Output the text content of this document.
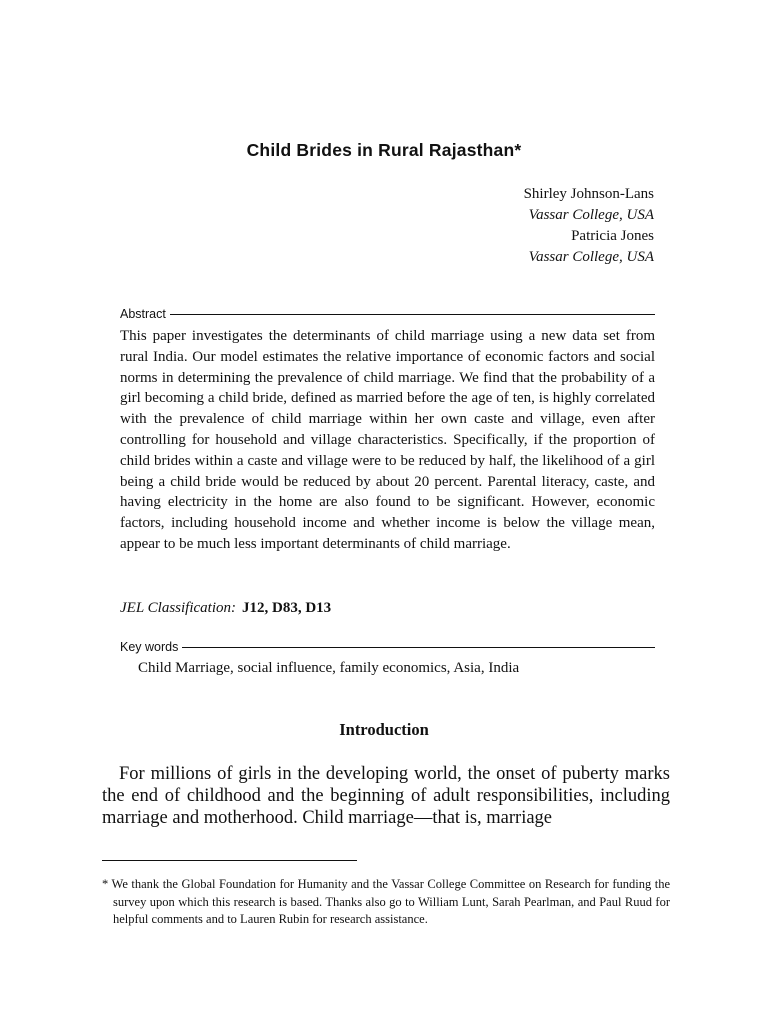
Child Brides in Rural Rajasthan*
Shirley Johnson-Lans
Vassar College, USA
Patricia Jones
Vassar College, USA
Abstract

This paper investigates the determinants of child marriage using a new data set from rural India. Our model estimates the relative importance of economic factors and social norms in determining the prevalence of child marriage. We find that the probability of a girl becoming a child bride, defined as married before the age of ten, is highly correlated with the prevalence of child marriage within her own caste and village, even after controlling for household and village characteristics. Specifically, if the proportion of child brides within a caste and village were to be reduced by half, the likelihood of a girl being a child bride would be reduced by about 20 percent. Parental literacy, caste, and having electricity in the home are also found to be significant. However, economic factors, including household income and whether income is below the village mean, appear to be much less important determinants of child marriage.

JEL Classification: J12, D83, D13
Key words
Child Marriage, social influence, family economics, Asia, India
Introduction

For millions of girls in the developing world, the onset of puberty marks the end of childhood and the beginning of adult responsibilities, including marriage and motherhood. Child marriage—that is, marriage

* We thank the Global Foundation for Humanity and the Vassar College Committee on Research for funding the survey upon which this research is based. Thanks also go to William Lunt, Sarah Pearlman, and Paul Ruud for helpful comments and to Lauren Rubin for research assistance.
